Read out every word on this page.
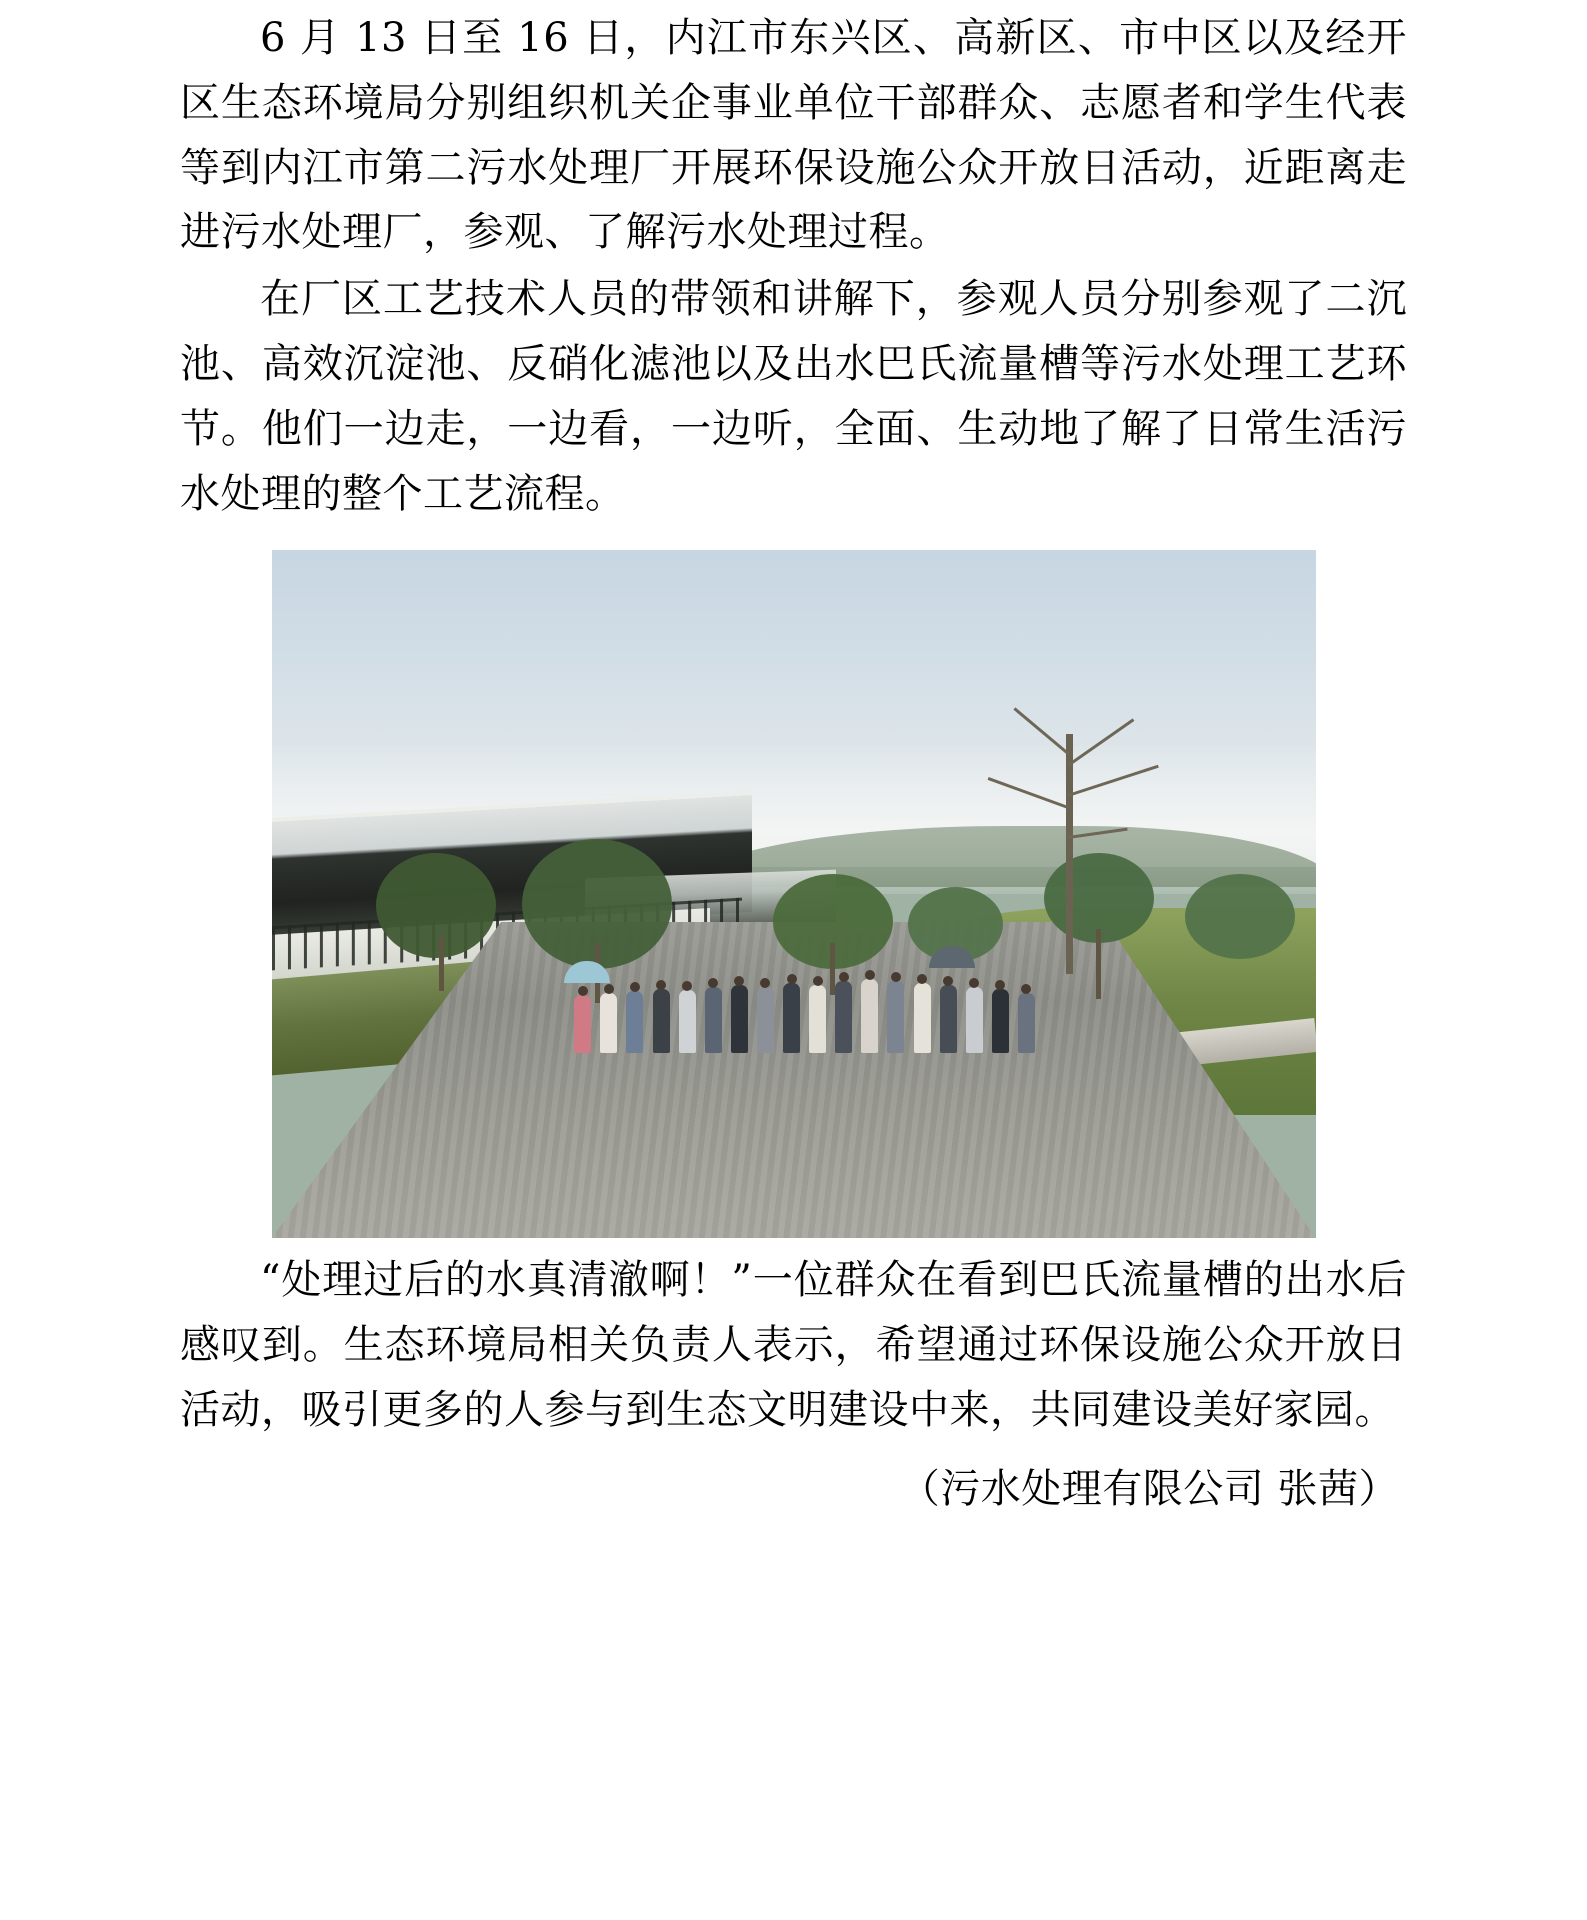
6 月 13 日至 16 日，内江市东兴区、高新区、市中区以及经开区生态环境局分别组织机关企事业单位干部群众、志愿者和学生代表等到内江市第二污水处理厂开展环保设施公众开放日活动，近距离走进污水处理厂，参观、了解污水处理过程。

在厂区工艺技术人员的带领和讲解下，参观人员分别参观了二沉池、高效沉淀池、反硝化滤池以及出水巴氏流量槽等污水处理工艺环节。他们一边走，一边看，一边听，全面、生动地了解了日常生活污水处理的整个工艺流程。

“处理过后的水真清澈啊！”一位群众在看到巴氏流量槽的出水后感叹到。生态环境局相关负责人表示，希望通过环保设施公众开放日活动，吸引更多的人参与到生态文明建设中来，共同建设美好家园。

（污水处理有限公司 张茜）
